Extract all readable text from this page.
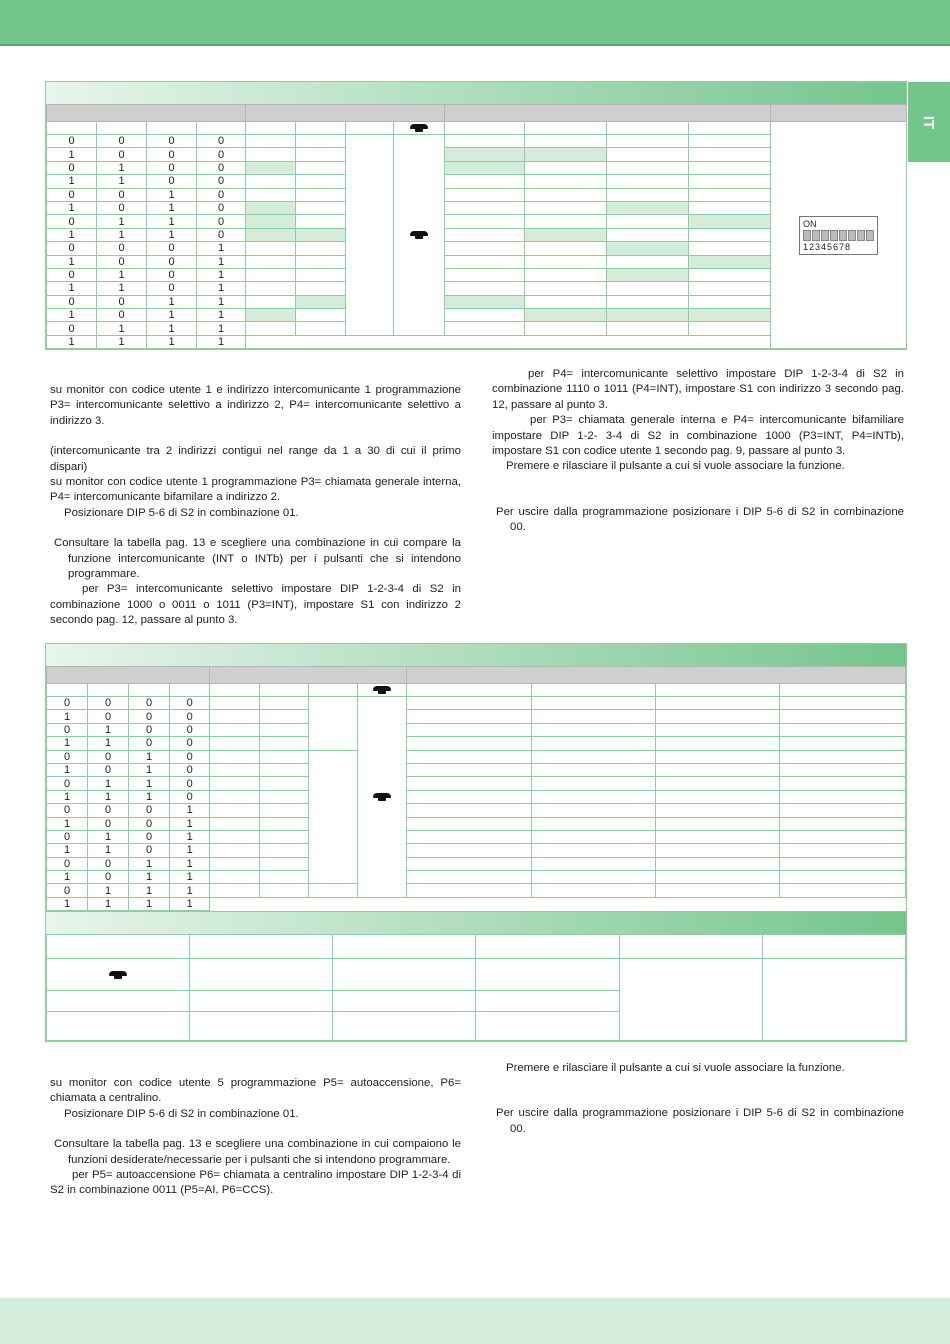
IT

												ON
12345678

0	0	0	0									
1	0	0	0									
0	1	0	0									
1	1	0	0									
0	0	1	0									
1	0	1	0									
0	1	1	0									
1	1	1	0									
0	0	0	1									
1	0	0	1									
0	1	0	1									
1	1	0	1									
0	0	1	1									
1	0	1	1									
0	1	1	1									
1	1	1	1									

su monitor con codice utente 1 e indirizzo intercomunicante 1 programmazione P3= intercomunicante selettivo a indirizzo 2, P4= intercomunicante selettivo a indirizzo 3.

(intercomunicante tra 2 indirizzi contigui nel range da 1 a 30 di cui il primo dispari)

su monitor con codice utente 1 programmazione P3= chiamata generale interna, P4= intercomunicante bifamilare a indirizzo 2.

Posizionare DIP 5-6 di S2 in combinazione 01.

Consultare la tabella pag. 13 e scegliere una combinazione in cui compare la funzione intercomunicante (INT o INTb) per i pulsanti che si intendono programmare.

per P3= intercomunicante selettivo impostare DIP 1-2-3-4 di S2 in combinazione 1000 o 0011 o 1011 (P3=INT), impostare S1 con indirizzo 2 secondo pag. 12, passare al punto 3.

per P4= intercomunicante selettivo impostare DIP 1-2-3-4 di S2 in combinazione 1110 o 1011 (P4=INT), impostare S1 con indirizzo 3 secondo pag. 12, passare al punto 3.

per P3= chiamata generale interna e P4= intercomunicante bifamiliare impostare DIP 1-2- 3-4 di S2 in combinazione 1000 (P3=INT, P4=INTb), impostare S1 con codice utente 1 secondo pag. 9, passare al punto 3.

Premere e rilasciare il pulsante a cui si vuole associare la funzione.

Per uscire dalla programmazione posizionare i DIP 5-6 di S2 in combinazione 00.

0	0	0	0								
1	0	0	0								
0	1	0	0								
1	1	0	0								
0	0	1	0								
1	0	1	0								
0	1	1	0								
1	1	1	0								
0	0	0	1								
1	0	0	1								
0	1	0	1								
1	1	0	1								
0	0	1	1								
1	0	1	1								
0	1	1	1								
1	1	1	1								

su monitor con codice utente 5 programmazione P5= autoaccensione, P6= chiamata a centralino.

Posizionare DIP 5-6 di S2 in combinazione 01.

Consultare la tabella pag. 13 e scegliere una combinazione in cui compaiono le funzioni desiderate/necessarie per i pulsanti che si intendono programmare.

per P5= autoaccensione P6= chiamata a centralino impostare DIP 1-2-3-4 di S2 in combinazione 0011 (P5=AI, P6=CCS).

Premere e rilasciare il pulsante a cui si vuole associare la funzione.

Per uscire dalla programmazione posizionare i DIP 5-6 di S2 in combinazione 00.
